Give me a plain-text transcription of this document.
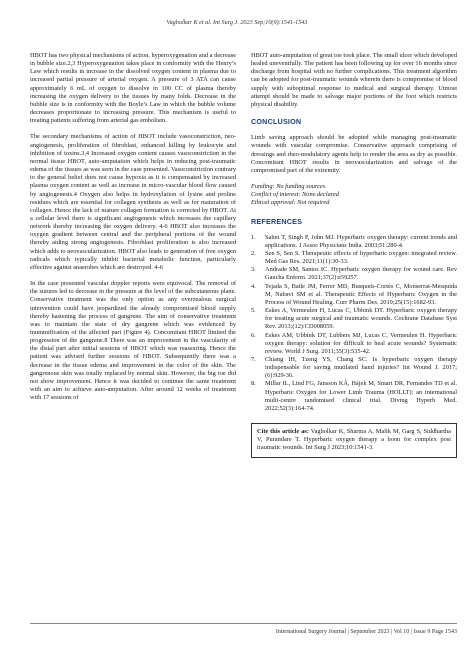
Vagholkar K et al. Int Surg J. 2023 Sep;10(9):1541-1543

HBOT has two physical mechanisms of action, hyperoxygenation and a decrease in bubble size.2,3 Hyperoxygenation takes place in conformity with the Henry’s Law which results in increase in the dissolved oxygen content in plasma due to increased partial pressure of arterial oxygen. A pressure of 3 ATA can cause approximately 6 mL of oxygen to dissolve in 100 CC of plasma thereby increasing the oxygen delivery to the tissues by many folds. Decrease in the bubble size is in conformity with the Boyle’s Law in which the bubble volume decreases proportionate to increasing pressure. This mechanism is useful to treating patients suffering from arterial gas embolism.

The secondary mechanisms of action of HBOT include vasoconstriction, neo-angiogenesis, proliferation of fibroblast, enhanced killing by leukocyte and inhibition of toxins.3,4 Increased oxygen content causes vasoconstriction in the normal tissue HBOT, auto-amputation which helps in reducing post-traumatic edema of the tissues as was seen in the case presented. Vasoconstriction contrary to the general belief does not cause hypoxia as it is compensated by increased plasma oxygen content as well as increase in micro-vascular blood flow caused by angiogenesis.4 Oxygen also helps in hydroxylation of lysine and proline residues which are essential for collagen synthesis as well as for maturation of collagen. Hence the lack of mature collagen formation is corrected by HBOT. At a cellular level there is significant angiogenesis which increases the capillary network thereby increasing the oxygen delivery. 4-6 HBOT also increases the oxygen gradient between central and the peripheral portions of the wound thereby aiding strong angiogenesis. Fibroblast proliferation is also increased which adds to neovascularization. HBOT also leads to generation of free oxygen radicals which typically inhibit bacterial metabolic function, particularly effective against anaerobes which are destroyed. 4-6

In the case presented vascular doppler reports were equivocal. The removal of the sutures led to decrease in the pressure at the level of the subcutaneous plane. Conservative treatment was the only option as any overzealous surgical intervention could have jeopardized the already compromised blood supply thereby hastening the process of gangrene. The aim of conservative treatment was to maintain the state of dry gangrene which was evidenced by mummification of the affected part (Figure 4). Concomitant HBOT limited the progression of the gangrene.8 There was an improvement in the vascularity of the distal part after initial sessions of HBOT which was reassuring. Hence the patient was advised further sessions of HBOT. Subsequently there was a decrease in the tissue edema and improvement in the color of the skin. The gangrenous skin was totally replaced by normal skin. However, the big toe did not show improvement. Hence it was decided to continue the same treatment with an aim to achieve auto-amputation. After around 12 weeks of treatment with 17 sessions of

HBOT auto-amputation of great toe took place. The small ulcer which developed healed uneventfully. The patient has been following up for over 16 months since discharge from hospital with no further complications. This treatment algorithm can be adopted for post-traumatic wounds wherein there is compromise of blood supply with suboptimal response to medical and surgical therapy. Utmost attempt should be made to salvage major portions of the foot which restricts physical disability.

CONCLUSION

Limb saving approach should be adopted while managing post-traumatic wounds with vascular compromise. Conservative approach comprising of dressings and rheo-modulatory agents help to render the area as dry as possible. Concomitant HBOT results in neovascularization and salvage of the compromised part of the extremity.

Funding: No funding sources

Conflict of interest: None declared

Ethical approval: Not required

REFERENCES
1. Sahni T, Singh P, John MJ. Hyperbaric oxygen therapy: current trends and applications. J Assoc Physicians India. 2003;51:280-4.
2. Sen S, Sen S. Therapeutic effects of hyperbaric oxygen: integrated review. Med Gas Res. 2021;11(1):30-33.
3. Andrade SM, Santos IC. Hyperbaric oxygen therapy for wound care. Rev Gaucha Enferm. 2021;37(2):e59257.
4. Tejada S, Batle JM, Ferrer MD, Busquets-Cortés C, Monserrat-Mesquida M, Nabavi SM et al. Therapeutic Effects of Hyperbaric Oxygen in the Process of Wound Healing. Curr Pharm Des. 2019;25(15):1682-93.
5. Eskes A, Vermeulen H, Lucas C, Ubbink DT. Hyperbaric oxygen therapy for treating acute surgical and traumatic wounds. Cochrane Database Syst Rev. 2013;(12):CD008059.
6. Eskes AM, Ubbink DT, Lubbers MJ, Lucas C, Vermeulen H. Hyperbaric oxygen therapy: solution for difficult to heal acute wounds? Systematic review. World J Surg. 2011;35(3):535-42.
7. Chiang IH, Tzeng YS, Chang SC. Is hyperbaric oxygen therapy indispensable for saving mutilated hand injuries? Int Wound J. 2017;(6):929-36.
8. Millar IL, Lind FG, Jansson KÅ, Hájek M, Smart DR, Fernandes TD et al. Hyperbaric Oxygen for Lower Limb Trauma (HOLLT): an international multi-centre randomised clinical trial. Diving Hyperb Med. 2022;52(3):164-74.
Cite this article as: Vagholkar K, Sharma A, Malik M, Garg S, Siddhartha V, Purandare T. Hyperbaric oxygen therapy a boon for complex post traumatic wounds. Int Surg J 2023;10:1541-3.
International Surgery Journal | September 2023 | Vol 10 | Issue 9 Page 1543
